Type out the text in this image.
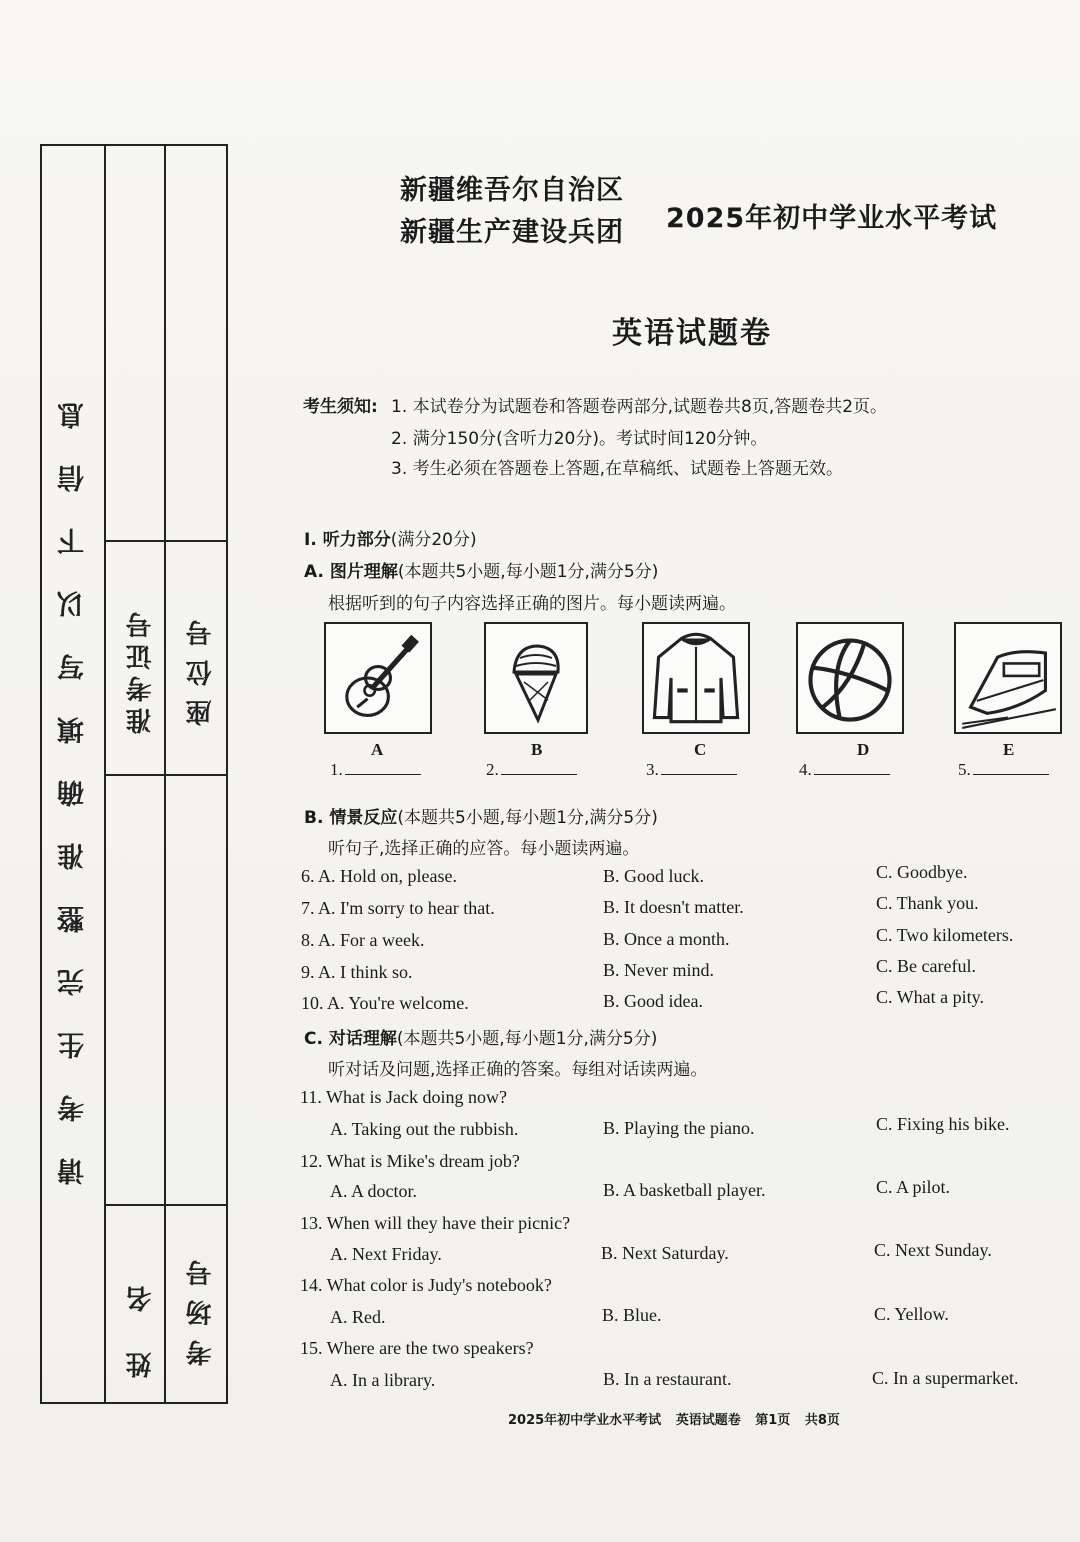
请考生完整准确填写以下信息 准考证号 座位号
姓名 考场号
新疆维吾尔自治区
新疆生产建设兵团 2025年初中学业水平考试
英语试题卷
考生须知: 1. 本试卷分为试题卷和答题卷两部分,试题卷共8页,答题卷共2页。
2. 满分150分(含听力20分)。考试时间120分钟。
3. 考生必须在答题卷上答题,在草稿纸、试题卷上答题无效。
Ⅰ. 听力部分(满分20分)
A. 图片理解(本题共5小题,每小题1分,满分5分)
根据听到的句子内容选择正确的图片。每小题读两遍。
A	B	C	D	E
1.	2.	3.	4.	5.
B. 情景反应(本题共5小题,每小题1分,满分5分)
听句子,选择正确的应答。每小题读两遍。
6. A. Hold on, please.	B. Good luck.	C. Goodbye.
7. A. I'm sorry to hear that.	B. It doesn't matter.	C. Thank you.
8. A. For a week.	B. Once a month.	C. Two kilometers.
9. A. I think so.	B. Never mind.	C. Be careful.
10. A. You're welcome.	B. Good idea.	C. What a pity.
C. 对话理解(本题共5小题,每小题1分,满分5分)
听对话及问题,选择正确的答案。每组对话读两遍。
11. What is Jack doing now?
A. Taking out the rubbish.	B. Playing the piano.	C. Fixing his bike.
12. What is Mike's dream job?
A. A doctor.	B. A basketball player.	C. A pilot.
13. When will they have their picnic?
A. Next Friday.	B. Next Saturday.	C. Next Sunday.
14. What color is Judy's notebook?
A. Red.	B. Blue.	C. Yellow.
15. Where are the two speakers?
A. In a library.	B. In a restaurant.	C. In a supermarket.
2025年初中学业水平考试 英语试题卷 第1页 共8页
